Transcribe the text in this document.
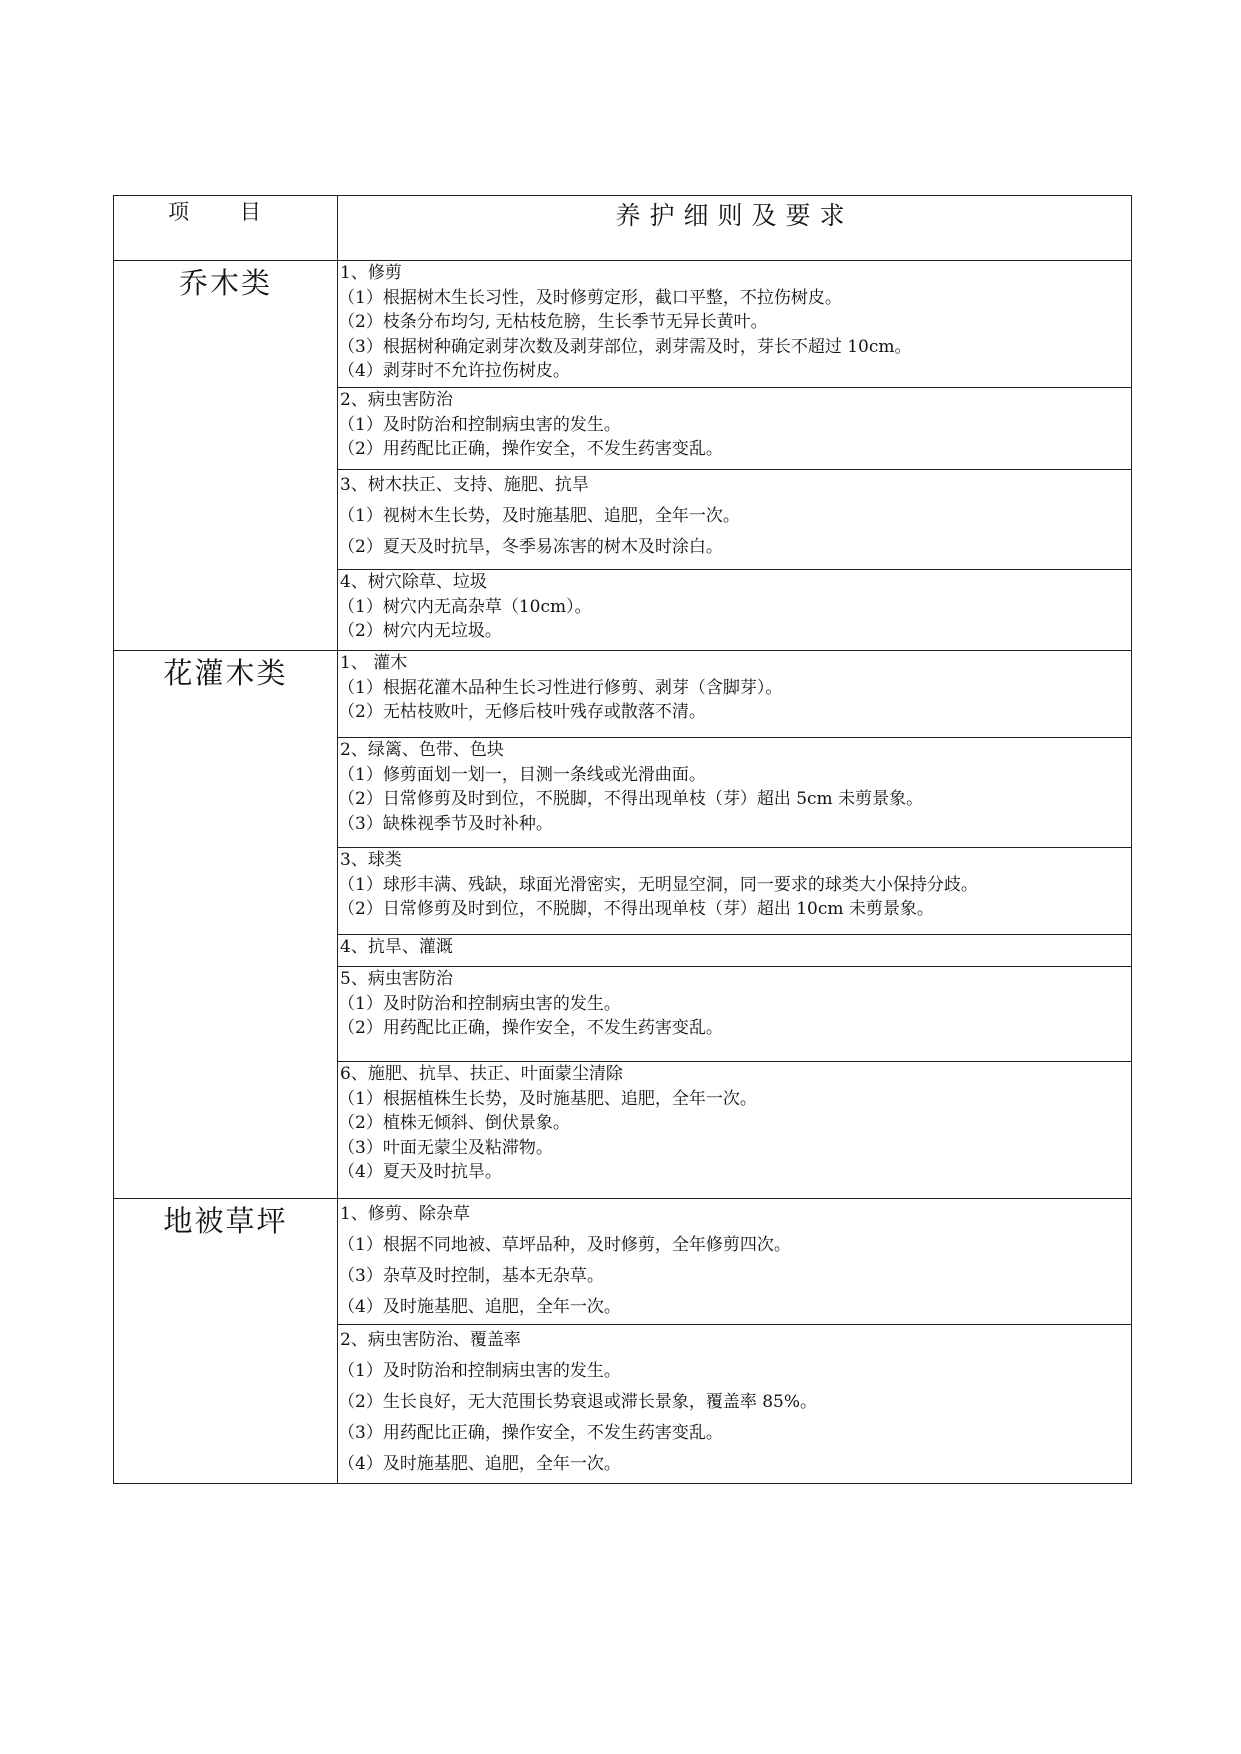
项 目	养护细则及要求
乔木类	1、修剪
（1）根据树木生长习性，及时修剪定形，截口平整，不拉伤树皮。
（2）枝条分布均匀, 无枯枝危膀，生长季节无异长黄叶。
（3）根据树种确定剥芽次数及剥芽部位，剥芽需及时，芽长不超过 10cm。
（4）剥芽时不允许拉伤树皮。

	2、病虫害防治
（1）及时防治和控制病虫害的发生。
（2）用药配比正确，操作安全，不发生药害变乱。

	3、树木扶正、支持、施肥、抗旱
（1）视树木生长势，及时施基肥、追肥，全年一次。
（2）夏天及时抗旱，冬季易冻害的树木及时涂白。

	4、树穴除草、垃圾
（1）树穴内无高杂草（10cm）。
（2）树穴内无垃圾。

花灌木类	1、 灌木
（1）根据花灌木品种生长习性进行修剪、剥芽（含脚芽）。
（2）无枯枝败叶，无修后枝叶残存或散落不清。

	2、绿篱、色带、色块
（1）修剪面划一划一，目测一条线或光滑曲面。
（2）日常修剪及时到位，不脱脚，不得出现单枝（芽）超出 5cm 未剪景象。
（3）缺株视季节及时补种。

	3、球类
（1）球形丰满、残缺，球面光滑密实，无明显空洞，同一要求的球类大小保持分歧。
（2）日常修剪及时到位，不脱脚，不得出现单枝（芽）超出 10cm 未剪景象。

	4、抗旱、灌溉

	5、病虫害防治
（1）及时防治和控制病虫害的发生。
（2）用药配比正确，操作安全，不发生药害变乱。

	6、施肥、抗旱、扶正、叶面蒙尘清除
（1）根据植株生长势，及时施基肥、追肥，全年一次。
（2）植株无倾斜、倒伏景象。
（3）叶面无蒙尘及粘滞物。
（4）夏天及时抗旱。

地被草坪	1、修剪、除杂草
（1）根据不同地被、草坪品种，及时修剪，全年修剪四次。
（3）杂草及时控制，基本无杂草。
（4）及时施基肥、追肥，全年一次。

	2、病虫害防治、覆盖率
（1）及时防治和控制病虫害的发生。
（2）生长良好，无大范围长势衰退或滞长景象，覆盖率 85%。
（3）用药配比正确，操作安全，不发生药害变乱。
（4）及时施基肥、追肥，全年一次。
